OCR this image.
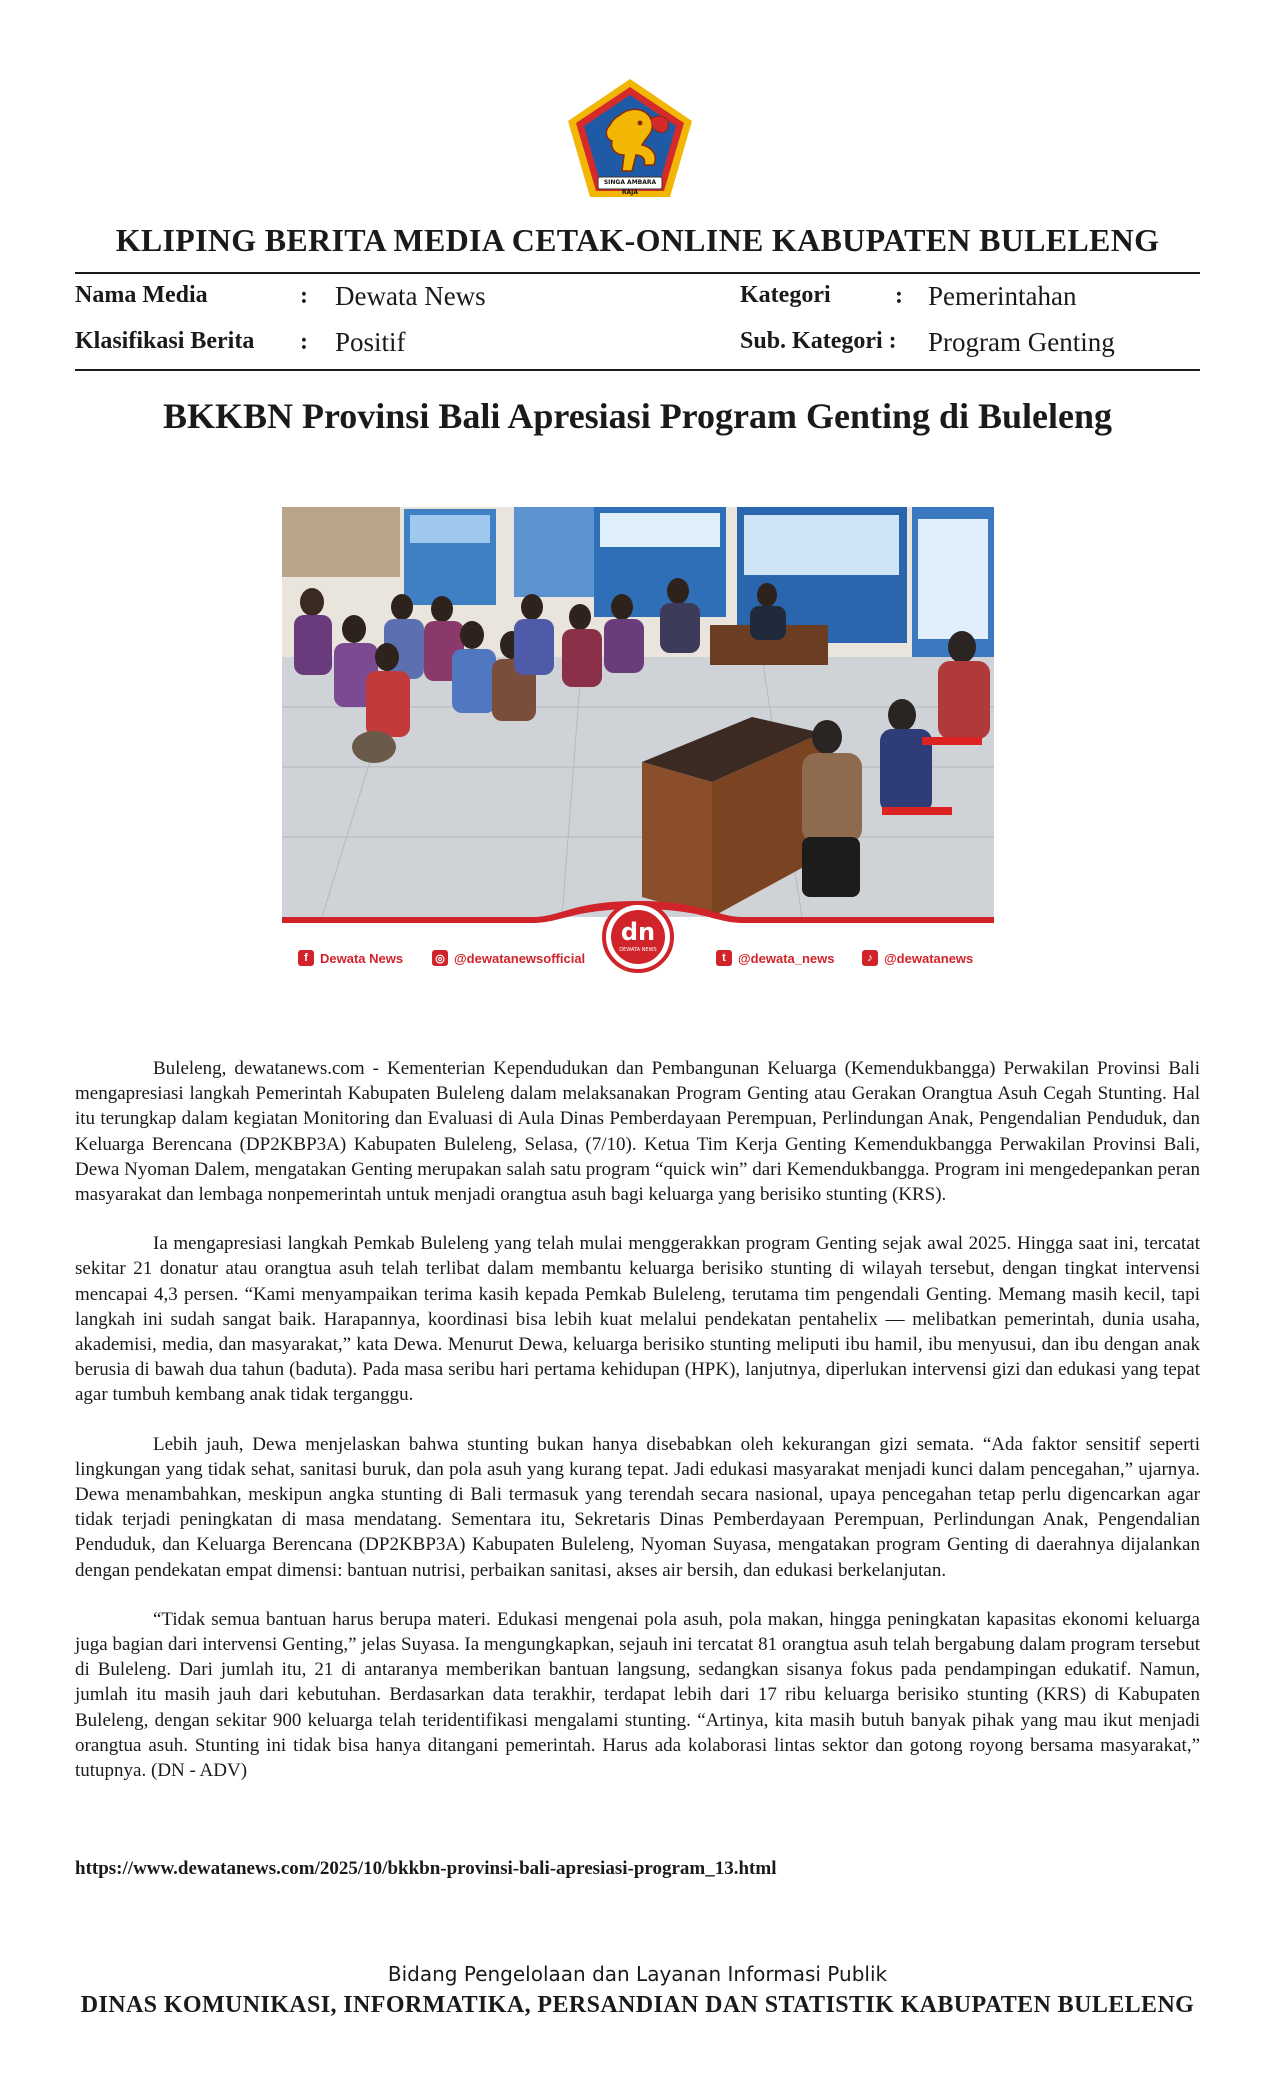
SINGA AMBARA RAJA
KLIPING BERITA MEDIA CETAK-ONLINE KABUPATEN BULELENG
Nama Media	: Dewata News	Kategori	: Pemerintahan
Klasifikasi Berita : Positif	Sub. Kategori : Program Genting
BKKBN Provinsi Bali Apresiasi Program Genting di Buleleng
dn
DEWATA NEWS
f Dewata News	◎ @dewatanewsofficial	t @dewata_news	♪ @dewatanews

Buleleng, dewatanews.com - Kementerian Kependudukan dan Pembangunan Keluarga (Kemendukbangga) Perwakilan Provinsi Bali mengapresiasi langkah Pemerintah Kabupaten Buleleng dalam melaksanakan Program Genting atau Gerakan Orangtua Asuh Cegah Stunting. Hal itu terungkap dalam kegiatan Monitoring dan Evaluasi di Aula Dinas Pemberdayaan Perempuan, Perlindungan Anak, Pengendalian Penduduk, dan Keluarga Berencana (DP2KBP3A) Kabupaten Buleleng, Selasa, (7/10). Ketua Tim Kerja Genting Kemendukbangga Perwakilan Provinsi Bali, Dewa Nyoman Dalem, mengatakan Genting merupakan salah satu program “quick win” dari Kemendukbangga. Program ini mengedepankan peran masyarakat dan lembaga nonpemerintah untuk menjadi orangtua asuh bagi keluarga yang berisiko stunting (KRS).

Ia mengapresiasi langkah Pemkab Buleleng yang telah mulai menggerakkan program Genting sejak awal 2025. Hingga saat ini, tercatat sekitar 21 donatur atau orangtua asuh telah terlibat dalam membantu keluarga berisiko stunting di wilayah tersebut, dengan tingkat intervensi mencapai 4,3 persen. “Kami menyampaikan terima kasih kepada Pemkab Buleleng, terutama tim pengendali Genting. Memang masih kecil, tapi langkah ini sudah sangat baik. Harapannya, koordinasi bisa lebih kuat melalui pendekatan pentahelix — melibatkan pemerintah, dunia usaha, akademisi, media, dan masyarakat,” kata Dewa. Menurut Dewa, keluarga berisiko stunting meliputi ibu hamil, ibu menyusui, dan ibu dengan anak berusia di bawah dua tahun (baduta). Pada masa seribu hari pertama kehidupan (HPK), lanjutnya, diperlukan intervensi gizi dan edukasi yang tepat agar tumbuh kembang anak tidak terganggu.

Lebih jauh, Dewa menjelaskan bahwa stunting bukan hanya disebabkan oleh kekurangan gizi semata. “Ada faktor sensitif seperti lingkungan yang tidak sehat, sanitasi buruk, dan pola asuh yang kurang tepat. Jadi edukasi masyarakat menjadi kunci dalam pencegahan,” ujarnya. Dewa menambahkan, meskipun angka stunting di Bali termasuk yang terendah secara nasional, upaya pencegahan tetap perlu digencarkan agar tidak terjadi peningkatan di masa mendatang. Sementara itu, Sekretaris Dinas Pemberdayaan Perempuan, Perlindungan Anak, Pengendalian Penduduk, dan Keluarga Berencana (DP2KBP3A) Kabupaten Buleleng, Nyoman Suyasa, mengatakan program Genting di daerahnya dijalankan dengan pendekatan empat dimensi: bantuan nutrisi, perbaikan sanitasi, akses air bersih, dan edukasi berkelanjutan.

“Tidak semua bantuan harus berupa materi. Edukasi mengenai pola asuh, pola makan, hingga peningkatan kapasitas ekonomi keluarga juga bagian dari intervensi Genting,” jelas Suyasa. Ia mengungkapkan, sejauh ini tercatat 81 orangtua asuh telah bergabung dalam program tersebut di Buleleng. Dari jumlah itu, 21 di antaranya memberikan bantuan langsung, sedangkan sisanya fokus pada pendampingan edukatif. Namun, jumlah itu masih jauh dari kebutuhan. Berdasarkan data terakhir, terdapat lebih dari 17 ribu keluarga berisiko stunting (KRS) di Kabupaten Buleleng, dengan sekitar 900 keluarga telah teridentifikasi mengalami stunting. “Artinya, kita masih butuh banyak pihak yang mau ikut menjadi orangtua asuh. Stunting ini tidak bisa hanya ditangani pemerintah. Harus ada kolaborasi lintas sektor dan gotong royong bersama masyarakat,” tutupnya. (DN - ADV)

https://www.dewatanews.com/2025/10/bkkbn-provinsi-bali-apresiasi-program_13.html
Bidang Pengelolaan dan Layanan Informasi Publik
DINAS KOMUNIKASI, INFORMATIKA, PERSANDIAN DAN STATISTIK KABUPATEN BULELENG
